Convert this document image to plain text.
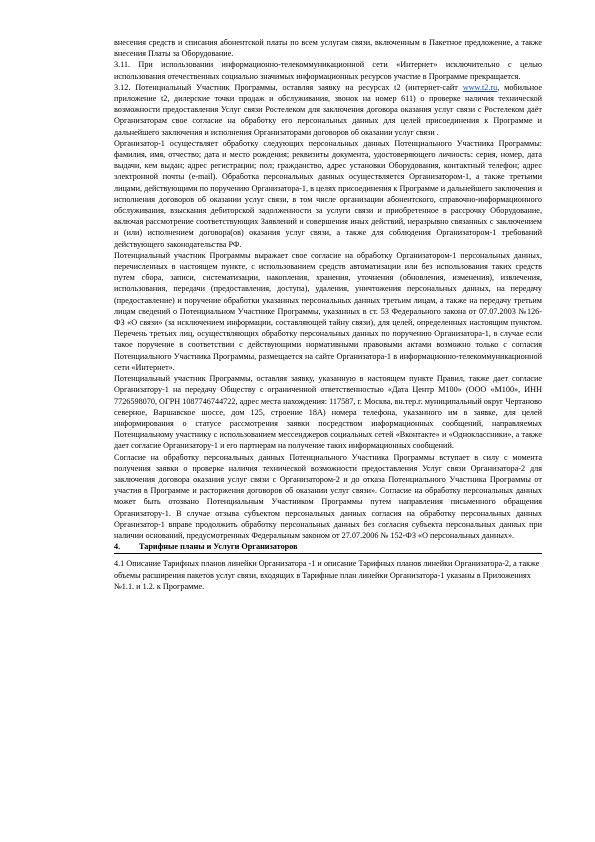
внесения средств и списания абонентской платы по всем услугам связи, включенным в Пакетное предложение, а также внесения Платы за Оборудование.

3.11. При использовании информационно-телекоммуникационной сети «Интернет» исключительно с целью использования отечественных социально значимых информационных ресурсов участие в Программе прекращается.

3.12. Потенциальный Участник Программы, оставляя заявку на ресурсах t2 (интернет-сайт www.t2.ru, мобильное приложение t2, дилерские точки продаж и обслуживания, звонок на номер 611) о проверке наличия технической возможности предоставления Услуг связи Ростелеком для заключения договора оказания услуг связи с Ростелеком даёт Организаторам свое согласие на обработку его персональных данных для целей присоединения к Программе и дальнейшего заключения и исполнения Организаторами договоров об оказании услуг связи .

Организатор-1 осуществляет обработку следующих персональных данных Потенциального Участника Программы: фамилия, имя, отчество; дата и место рождения; реквизиты документа, удостоверяющего личность: серия, номер, дата выдачи, кем выдан; адрес регистрации; пол; гражданство, адрес установки Оборудования, контактный телефон; адрес электронной почты (e-mail). Обработка персональных данных осуществляется Организатором-1, а также третьими лицами, действующими по поручению Организатора-1, в целях присоединения к Программе и дальнейшего заключения и исполнения договоров об оказании услуг связи, в том числе организации абонентского, справочно-информационного обслуживания, взыскания дебиторской задолженности за услуги связи и приобретенное в рассрочку Оборудование, включая рассмотрение соответствующих Заявлений и совершения иных действий, неразрывно связанных с заключением и (или) исполнением договора(ов) оказания услуг связи, а также для соблюдения Организатором-1 требований действующего законодательства РФ.

Потенциальный участник Программы выражает свое согласие на обработку Организатором-1 персональных данных, перечисленных в настоящем пункте, с использованием средств автоматизации или без использования таких средств путем сбора, записи, систематизации, накопления, хранения, уточнения (обновления, изменения), извлечения, использования, передачи (предоставления, доступа), удаления, уничтожения персональных данных, на передачу (предоставление) и поручение обработки указанных персональных данных третьим лицам, а также на передачу третьим лицам сведений о Потенциальном Участнике Программы, указанных в ст. 53 Федерального закона от 07.07.2003 №126-ФЗ «О связи» (за исключением информации, составляющей тайну связи), для целей, определенных настоящим пунктом. Перечень третьих лиц, осуществляющих обработку персональных данных по поручению Организатора-1, в случае если такое поручение в соответствии с действующими нормативными правовыми актами возможно только с согласия Потенциального Участника Программы, размещается на сайте Организатора-1 в информационно-телекоммуникационной сети «Интернет».

Потенциальный участник Программы, оставляя заявку, указанную в настоящем пункте Правил, также дает согласие Организатору-1 на передачу Обществу с ограниченной ответственностью «Дата Центр М100» (ООО «М100», ИНН 7726598070, ОГРН 1087746744722, адрес места нахождения: 117587, г. Москва, вн.тер.г. муниципальный округ Чертаново северное, Варшавское шоссе, дом 125, строение 18А) номера телефона, указанного им в заявке, для целей информирования о статусе рассмотрения заявки посредством информационных сообщений, направляемых Потенциальному участнику с использованием мессенджеров социальных сетей «Вконтакте» и «Одноклассники», а также дает согласие Организатору-1 и его партнерам на получение таких информационных сообщений.

Согласие на обработку персональных данных Потенциального Участника Программы вступает в силу с момента получения заявки о проверке наличия технической возможности предоставления Услуг связи Организатора-2 для заключения договора оказания услуг связи с Организатором-2 и до отказа Потенциального Участника Программы от участия в Программе и расторжения договоров об оказании услуг связи». Согласие на обработку персональных данных может быть отозвано Потенциальным Участником Программы путем направления письменного обращения Организатору-1. В случае отзыва субъектом персональных данных согласия на обработку персональных данных Организатор-1 вправе продолжить обработку персональных данных без согласия субъекта персональных данных при наличии оснований, предусмотренных Федеральным законом от 27.07.2006 № 152-ФЗ «О персональных данных».

4.	Тарифные планы и Услуги Организаторов

4.1 Описание Тарифных планов линейки Организатора -1 и описание Тарифных планов линейки Организатора-2, а также объемы расширения пакетов услуг связи, входящих в Тарифные план линейки Организатора-1 указаны в Приложениях №1.1. и 1.2. к Программе.
